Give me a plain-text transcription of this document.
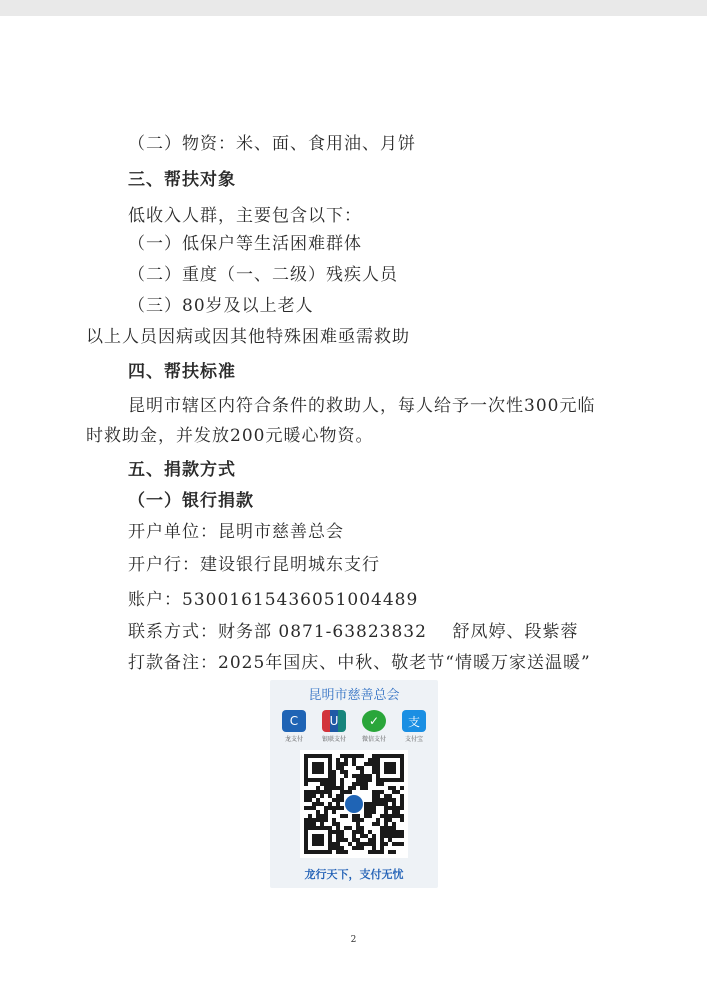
（二）物资：米、面、食用油、月饼
三、帮扶对象
低收入人群，主要包含以下：
（一）低保户等生活困难群体
（二）重度（一、二级）残疾人员
（三）80岁及以上老人
以上人员因病或因其他特殊困难亟需救助
四、帮扶标准
昆明市辖区内符合条件的救助人，每人给予一次性300元临
时救助金，并发放200元暖心物资。
五、捐款方式
（一）银行捐款
开户单位：昆明市慈善总会
开户行：建设银行昆明城东支行
账户：53001615436051004489
联系方式：财务部 0871-63823832    舒凤婷、段紫蓉
打款备注：2025年国庆、中秋、敬老节“情暖万家送温暖”
昆明市慈善总会
C
龙支付
U
银联支付
✓
微信支付
支
支付宝
龙行天下，支付无忧
2
